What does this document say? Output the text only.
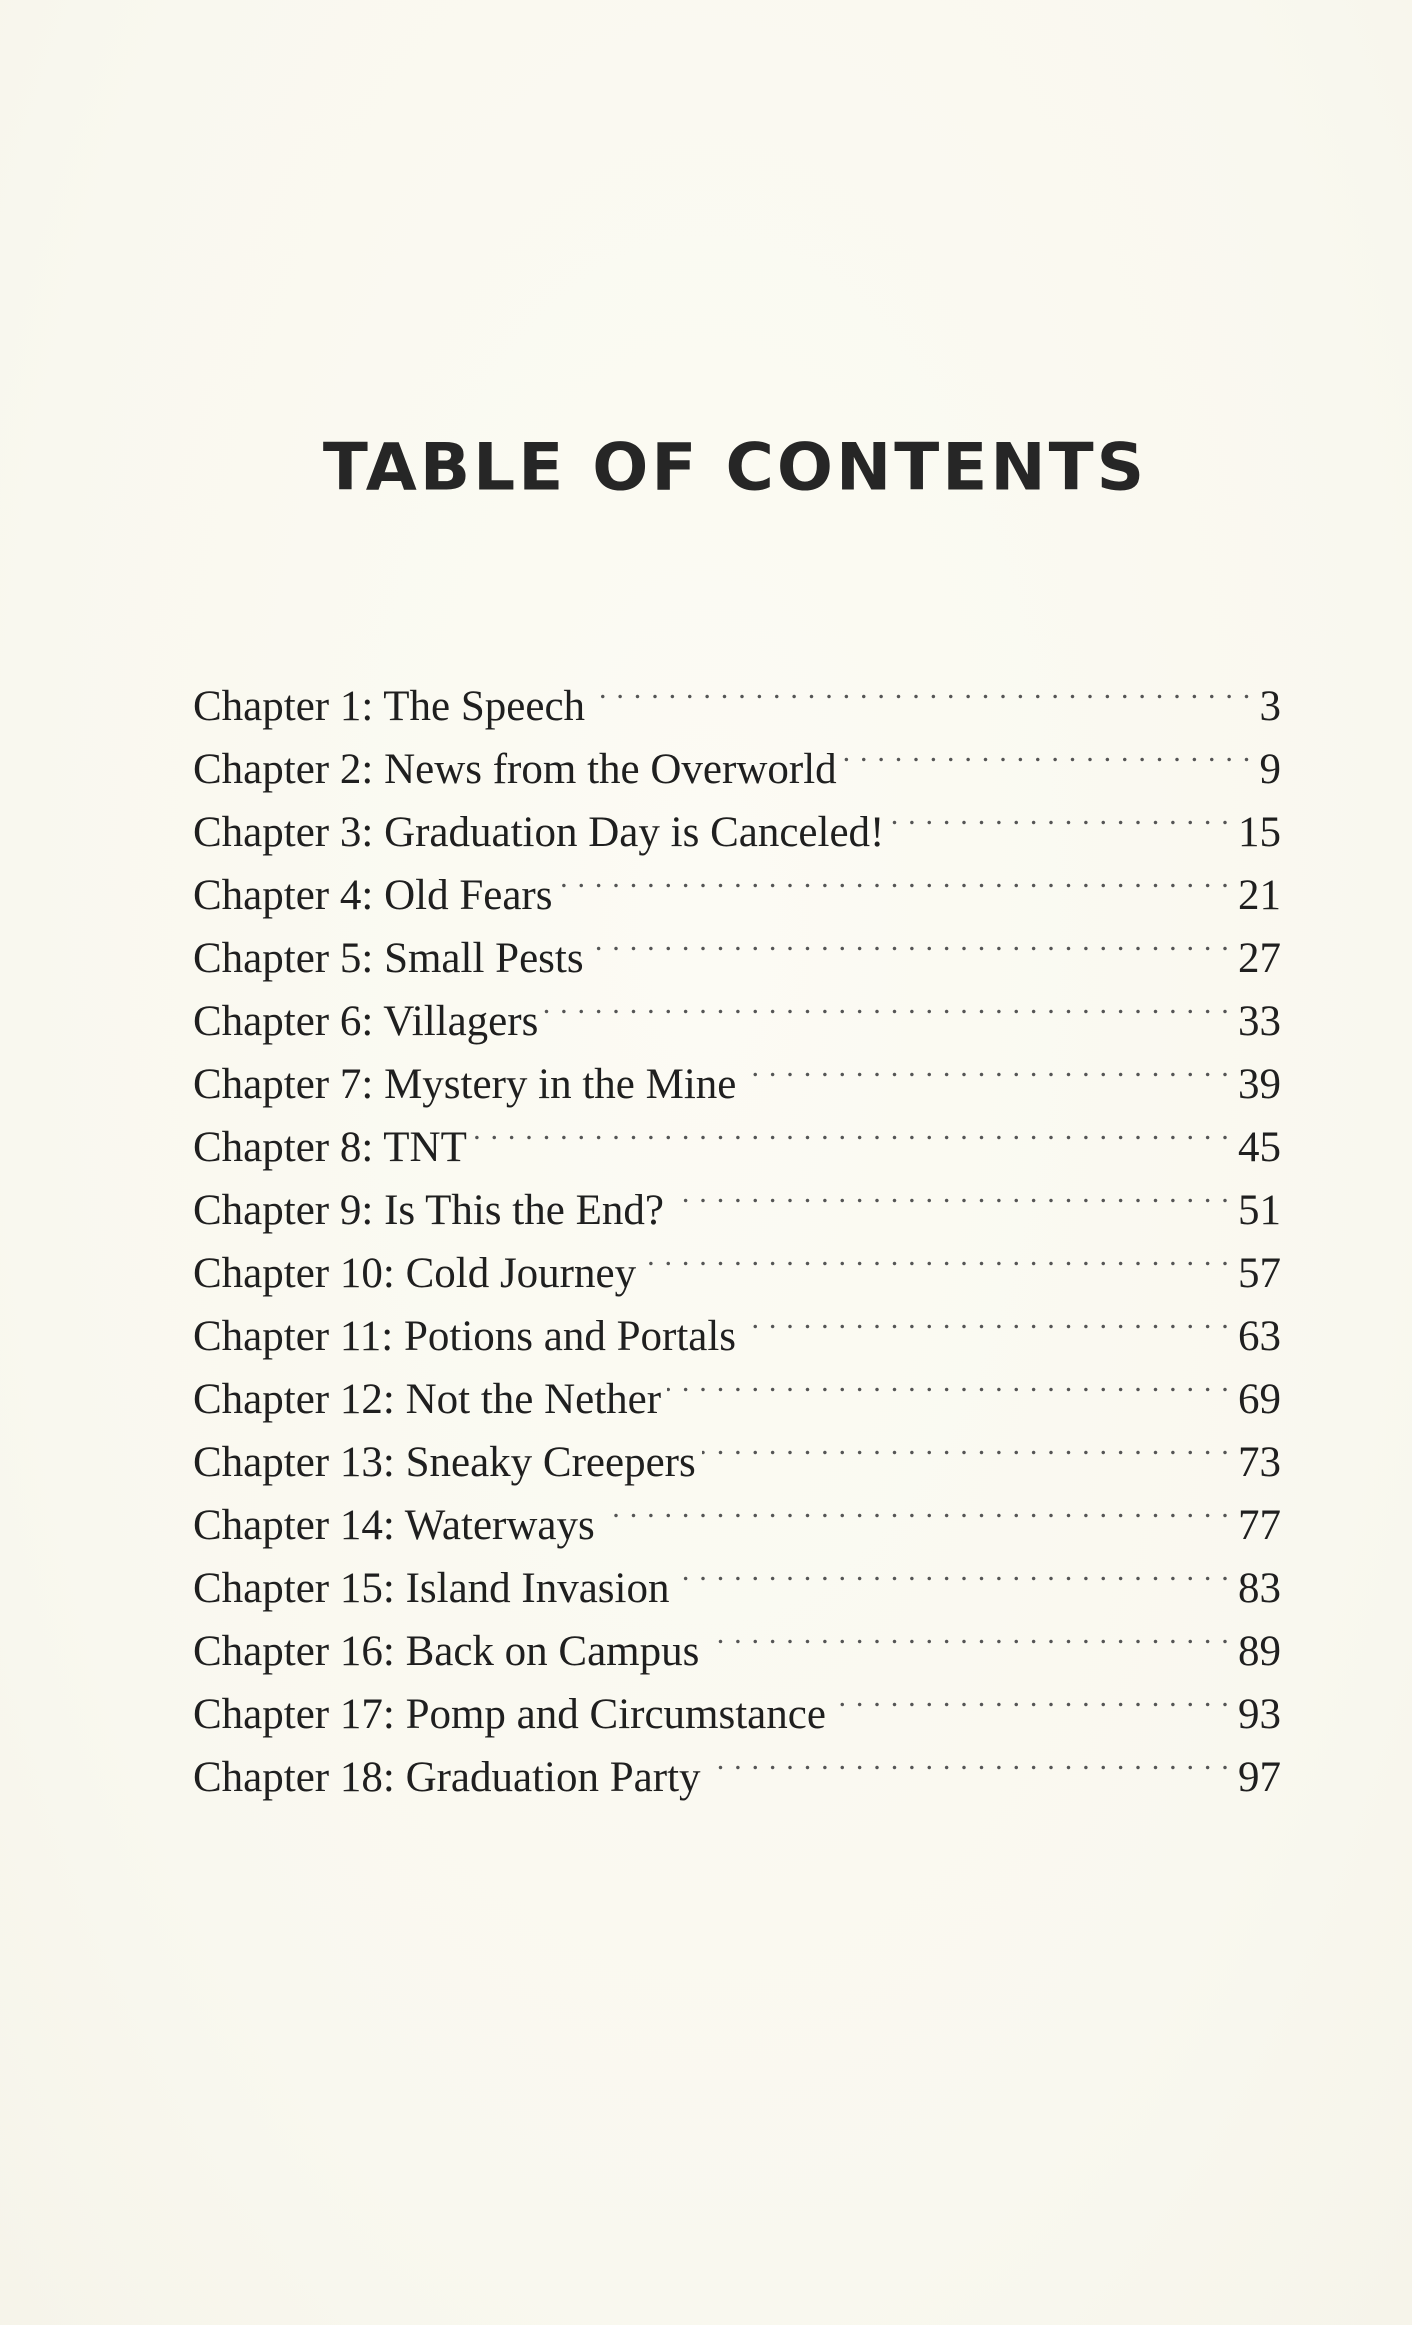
TABLE OF CONTENTS
Chapter 1: The Speech . . .	3
Chapter 2: News from the Overworld . . .	9
Chapter 3: Graduation Day is Canceled! . . .	15
Chapter 4: Old Fears . . .	21
Chapter 5: Small Pests . . .	27
Chapter 6: Villagers . . .	33
Chapter 7: Mystery in the Mine . . .	39
Chapter 8: TNT . . .	45
Chapter 9: Is This the End? . . .	51
Chapter 10: Cold Journey . . .	57
Chapter 11: Potions and Portals . . .	63
Chapter 12: Not the Nether . . .	69
Chapter 13: Sneaky Creepers . . .	73
Chapter 14: Waterways . . .	77
Chapter 15: Island Invasion . . .	83
Chapter 16: Back on Campus . . .	89
Chapter 17: Pomp and Circumstance . . .	93
Chapter 18: Graduation Party . . .	97
